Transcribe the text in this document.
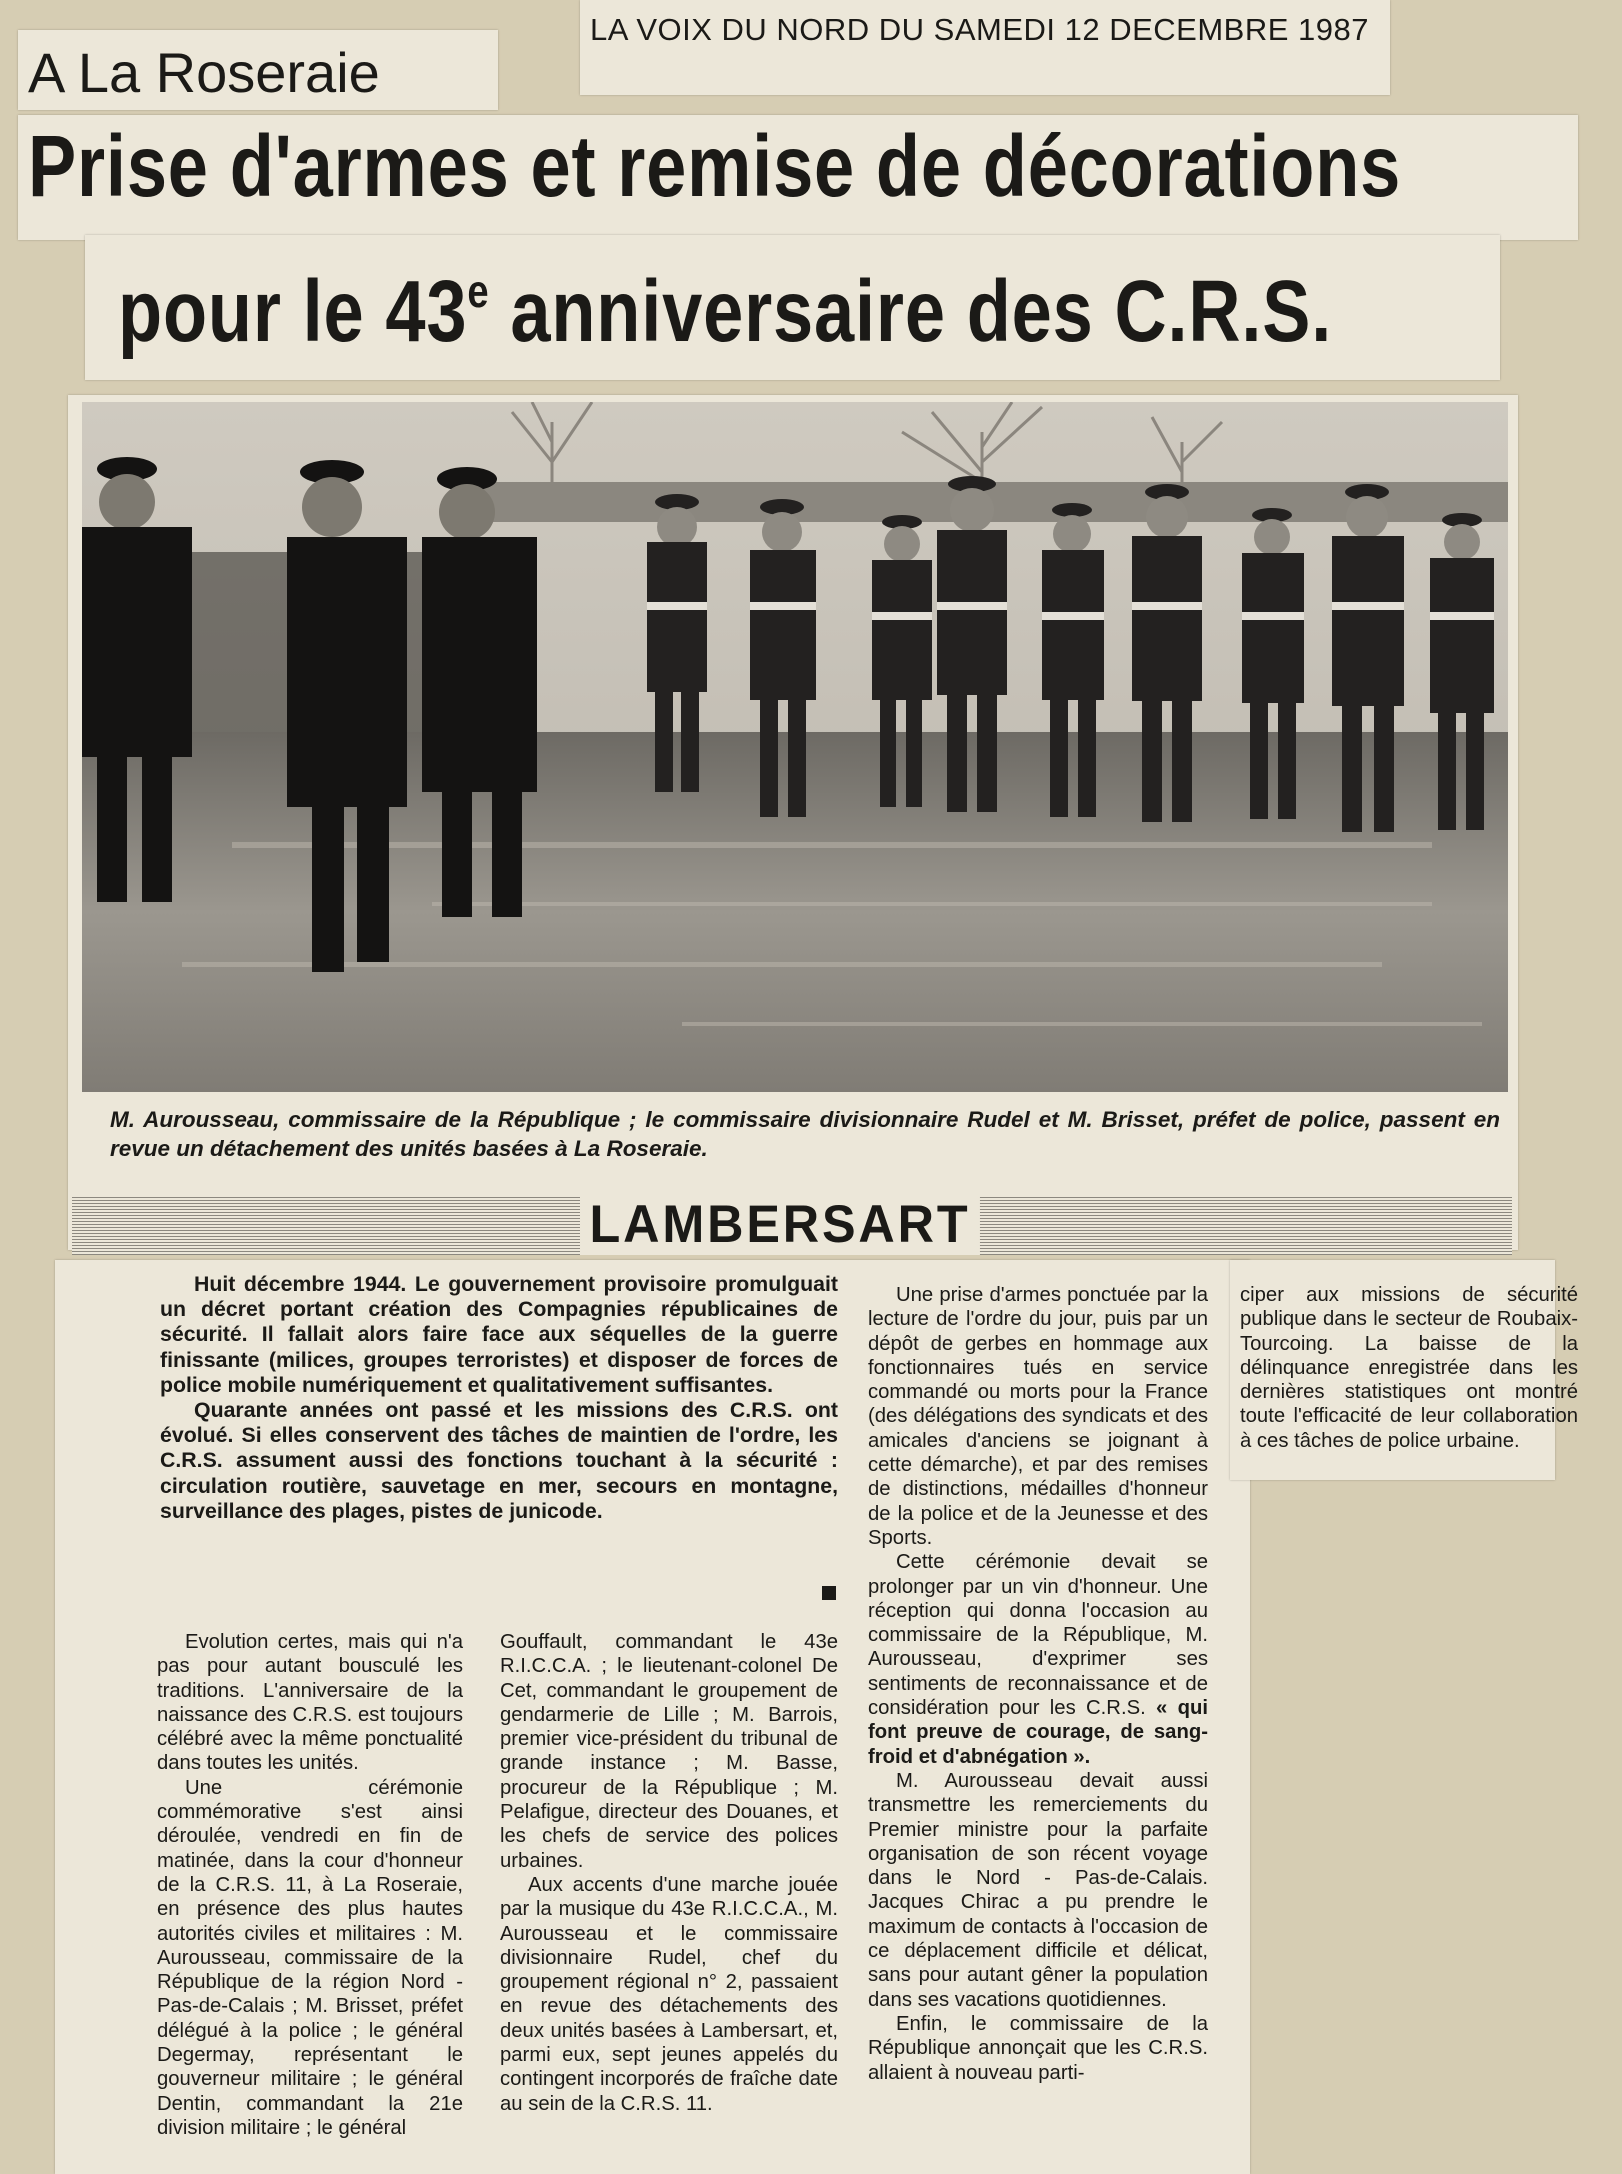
LA VOIX DU NORD DU SAMEDI 12 DECEMBRE 1987
A La Roseraie
Prise d'armes et remise de décorations
pour le 43e anniversaire des C.R.S.

M. Aurousseau, commissaire de la République ; le commissaire divisionnaire Rudel et M. Brisset, préfet de police, passent en revue un détachement des unités basées à La Roseraie.

LAMBERSART

Huit décembre 1944. Le gouvernement provisoire promulguait un décret portant création des Compagnies républicaines de sécurité. Il fallait alors faire face aux séquelles de la guerre finissante (milices, groupes terroristes) et disposer de forces de police mobile numériquement et qualitativement suffisantes.

Quarante années ont passé et les missions des C.R.S. ont évolué. Si elles conservent des tâches de maintien de l'ordre, les C.R.S. assument aussi des fonctions touchant à la sécurité : circulation routière, sauvetage en mer, secours en montagne, surveillance des plages, pistes de junicode.

Evolution certes, mais qui n'a pas pour autant bousculé les traditions. L'anniversaire de la naissance des C.R.S. est toujours célébré avec la même ponctualité dans toutes les unités.

Une cérémonie commémorative s'est ainsi déroulée, vendredi en fin de matinée, dans la cour d'honneur de la C.R.S. 11, à La Roseraie, en présence des plus hautes autorités civiles et militaires : M. Aurousseau, commissaire de la République de la région Nord - Pas-de-Calais ; M. Brisset, préfet délégué à la police ; le général Degermay, représentant le gouverneur militaire ; le général Dentin, commandant la 21e division militaire ; le général

Gouffault, commandant le 43e R.I.C.C.A. ; le lieutenant-colonel De Cet, commandant le groupement de gendarmerie de Lille ; M. Barrois, premier vice-président du tribunal de grande instance ; M. Basse, procureur de la République ; M. Pelafigue, directeur des Douanes, et les chefs de service des polices urbaines.

Aux accents d'une marche jouée par la musique du 43e R.I.C.C.A., M. Aurousseau et le commissaire divisionnaire Rudel, chef du groupement régional n° 2, passaient en revue des détachements des deux unités basées à Lambersart, et, parmi eux, sept jeunes appelés du contingent incorporés de fraîche date au sein de la C.R.S. 11.

Une prise d'armes ponctuée par la lecture de l'ordre du jour, puis par un dépôt de gerbes en hommage aux fonctionnaires tués en service commandé ou morts pour la France (des délégations des syndicats et des amicales d'anciens se joignant à cette démarche), et par des remises de distinctions, médailles d'honneur de la police et de la Jeunesse et des Sports.

Cette cérémonie devait se prolonger par un vin d'honneur. Une réception qui donna l'occasion au commissaire de la République, M. Aurousseau, d'exprimer ses sentiments de reconnaissance et de considération pour les C.R.S. « qui font preuve de courage, de sang-froid et d'abnégation ».

M. Aurousseau devait aussi transmettre les remerciements du Premier ministre pour la parfaite organisation de son récent voyage dans le Nord - Pas-de-Calais. Jacques Chirac a pu prendre le maximum de contacts à l'occasion de ce déplacement difficile et délicat, sans pour autant gêner la population dans ses vacations quotidiennes.

Enfin, le commissaire de la République annonçait que les C.R.S. allaient à nouveau parti-

ciper aux missions de sécurité publique dans le secteur de Roubaix-Tourcoing. La baisse de la délinquance enregistrée dans les dernières statistiques ont montré toute l'efficacité de leur collaboration à ces tâches de police urbaine.
